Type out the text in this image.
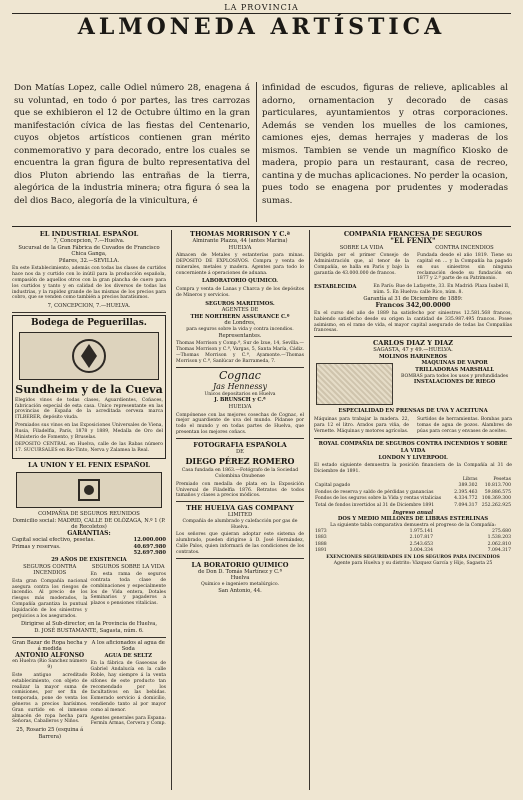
LA PROVINCIA
ALMONEDA ARTÍSTICA
Don Matías Lopez, calle Odiel número 28, enagena á su voluntad, en todo ó por partes, las tres carrozas que se exhibieron el 12 de Octubre último en la gran manifestación cívica de las fiestas del Centenario, cuyos objetos artísticos contienen gran mérito conmemorativo y para decorado, entre los cuales se encuentra la gran figura de bulto representativa del dios Pluton abriendo las entrañas de la tierra, alegórica de la industria minera; otra figura ó sea la del dios Baco, alegoría de la vinicultura, é
infinidad de escudos, figuras de relieve, aplicables al adorno, ornamentacion y decorado de casas particulares, ayuntamientos y otras corporaciones. Además se venden los muelles de los camiones, camiones ejes, demas herrajes y maderas de los mismos. Tambien se vende un magnífico Kiosko de madera, propio para un restaurant, casa de recreo, cantina y de muchas aplicaciones. No perder la ocasion, pues todo se enagena por prudentes y moderadas sumas.
EL INDUSTRIAL ESPAÑOL
7, Concepcion, 7.—Huelva.
Sucursal de la Gran Fábrica de Cuvados de Francisco Chica Ganga,
Pilares, 32.—SEVILLA.
En este Establecimiento, además con todas las clases de curtidos hace nos da y curtido con lo inútil para la producción española, compasión de aquellos otros con la gran plancha de cuero para los curtidos y tanto y en calidad de los diversos de todas las industrias, y la rapidez grande de las mismas de los precios para cobro, que se venden como también a precios baratísimos.
7, CONCEPCION, 7.—HUELVA.
Bodega de Peguerillas.
Sundheim y de la Cueva
Elegidos vinos de todas clases, Aguardientes, Coñaces, fabricación especial de esta casa. Unico representante en las provincias de España de la acreditada cerveza marca ITLBERER, depósito viuda.
Premiados sus vinos en las Exposiciones Universales de Viena, Rusia, Filadelfia, París, 1878 y 1889, Medalla de Oro del Ministerio de Fomento, y Bruselas.
DEPOSITO CENTRAL en Huelva, calle de las Rabas número 17. SUCURSALES en Rio-Tinto, Nerva y Zalamea la Real.
LA UNION Y EL FENIX ESPAÑOL
COMPAÑIA DE SEGUROS REUNIDOS
Domicilio social: MADRID, CALLE DE OLÓZAGA, N.º 1 (P. de Recoletos)
GARANTIAS:
Capital social efectivo, pesetas.	12.000.000
Primas y reservas.	40.697.980
52.697.980
29 AÑOS DE EXISTENCIA
SEGUROS CONTRA INCENDIOS
Esta gran Compañía nacional asegura contra los riesgos de incendio. Al precio de los riesgos más moderados, la Compañía garantiza la puntual liquidación de los siniestros y perjuicios a los asegurados.
SEGUROS SOBRE LA VIDA
En esta rama de seguros contrata toda clase de combinaciones y especialmente los de Vida entera, Dotales Seminarios y pagaderos a plazos o pensiones vitalicias.
Dirigirse al Sub-director, en la Provincia de Huelva,
D. JOSÉ BUSTAMANTE, Sagasta, núm. 6.
Gran Bazar de Ropa hecha y á medida
ANTONIO ALFONSO
en Huelva (Rio Sanchez número 9)
Este antiguo acreditado establecimiento, con objeto de realizar la mayor suma de comisiones, por ser fin de temporada, pone de venta los géneros a precios barísimos. Gran surtido en el inmenso almacén de ropa hecha para Señoras, Caballeros y Niños.
25, Rosario 25 (esquina á Barrera)
A los aficionados al agua de Soda
AGUA DE SELTZ
En la fábrica de Gaseosas de Gabriel Andalucía en la calle Roble, hay siempre á la venta sifones de este producto tan recomendado por los facultativos en las bebidas. Esmerado servicio á domicilio, vendiendo tanto al por mayor como al menor.
Agentes generales para Espana: Fermín Armas, Cervera y Comp.
THOMAS MORRISON Y C.ª
Almirante Plazza, 44 (antes Marina)
HUELVA
Almacen de Metales y estanterías para minas. DEPOSITO DE EXPLOSIVOS. Compra y venta de minerales, metales y madera. Agentes para todo lo concerniente á operaciones de aduana.
LABORATORIO QUIMICO.
Compra y venta de Lanas y Charca y de los depósitos de Mineros y servicios.
SEGUROS MARITIMOS.
AGENTES DE
THE NORTHERN ASSURANCE C.º
de Londres,
para seguros sobre la vida y contra incendios.
Representantes.
Thomas Morrison y Comp.ª, Sur de Izue, 14, Sevilla.—Thomas Morrison y C.ª, Vargas, 5, Santa María, Cádiz.—Thomas Morrison y C.ª, Ayamonte.—Thomas Morrison y C.ª, Sanlúcar de Barrameda, 7.
Cognac
Jas Hennessy
Unicos depositarios en Huelva
J. BRUNSCH y C.ª
HUELVA
Compónense con las mejores cosechas de Cognac, el mejor aguardiente de uva del mundo. Pídanse por todo el mundo y en todas partes de Huelva, que presentan los mejores coñacs.
FOTOGRAFIA ESPAÑOLA
DE
DIEGO PÉREZ ROMERO
Casa fundada en 1863.—Fotógrafo de la Sociedad Colombina Onubense
Premiado con medalla de plata en la Exposición Universal de Filadelfia 1876. Retratos de todos tamaños y clases a precios módicos.
THE HUELVA GAS COMPANY
LIMITED
Compañía de alumbrado y calefacción por gas de Huelva.
Los señores que quieran adoptar este sistema de alumbrado, pueden dirigirse á D. José Hernández, Calle Palos, quien informará de las condiciones de los contratos.
LA BORATORIO QUIMICO
de Don D. Tomás Martínez y C.ª
Huelva
Químico e ingeniero metalúrgico.
San Antonio, 44.
COMPAÑIA FRANCESA DE SEGUROS
"EL FENIX"
SOBRE LA VIDA
Dirigida por el primer Consejo de Administración que, al tenor de la Compañía, se halla en Paris y bajo la garantía de 43.000.000 de francos.
CONTRA INCENDIOS
Fundada desde el año 1819. Tiene su capital en ... y la Compañía ha pagado en sus siniestros sin ninguna reclamación desde su fundación en 1877 y 2.ª parte de su Patrimonio.
ESTABLECIDA	En París: Rue de Lafayette, 33. En Madrid: Plaza Isabel II, núm. 5. En Huelva: calle Rico, núm. 8.
Garantía al 31 de Diciembre de 1889:
Francos 342,00.0000
En el curso del año de 1889 ha satisfecho por siniestros 12.581.568 francos, habiendo satisfecho desde su origen la cantidad de 335.987.495 francos. Posee asimismo, en el ramo de vida, el mayor capital asegurado de todas las Compañías francesas.
CARLOS DIAZ Y DIAZ
SAGASTA, 47 y 49.—HUELVA.
MOLINOS HARINEROS
MAQUINAS DE VAPOR
TRILLADORAS MARSHALL
BOMBAS para todos los usos y profundidades
INSTALACIONES DE RIEGO
ESPECIALIDAD EN PRENSAS DE UVA Y ACEITUNA
Máquinas para trabajar la madera. 22, para 12 el litro. Arados para viña, de Vernette. Máquinas y motores agrícolas.
Surtidos de herramientas. Bombas para tomas de agua de pozos. Alambres de púas para cercas y envases de aceites.
ROYAL COMPAÑIA DE SEGUROS CONTRA INCENDIOS Y SOBRE LA VIDA
LONDON Y LIVERPOOL
El estado siguiente demuestra la posición financiera de la Compañía al 31 de Diciembre de 1891.
	Libras	Pesetas
Capital pagado	389.302	10.813.700
Fondos de reserva y saldo de pérdidas y ganancias	2.395.463	59.886.575
Fondos de los seguros sobre la Vida y rentas vitalicias	4.334.772	108.369.300
Total de fondos invertidos al 31 de Diciembre 1891	7.094.317	252.262.925
Ingreso anual
DOS Y MEDIO MILLONES DE LIBRAS ESTERLINAS
La siguiente tabla comparativa demuestra el progreso de la Compañía:
1873	1.975.141	275.680
1883	2.107.817	1.538.203
1888	2.543.653	2.062.810
1891	3.004.334	7.094.317
EXENCIONES SEGURIDADES EN LOS SEGUROS PARA INCENDIOS
Agente para Huelva y su distrito: Vázquez García y Hijo, Sagasta 25
